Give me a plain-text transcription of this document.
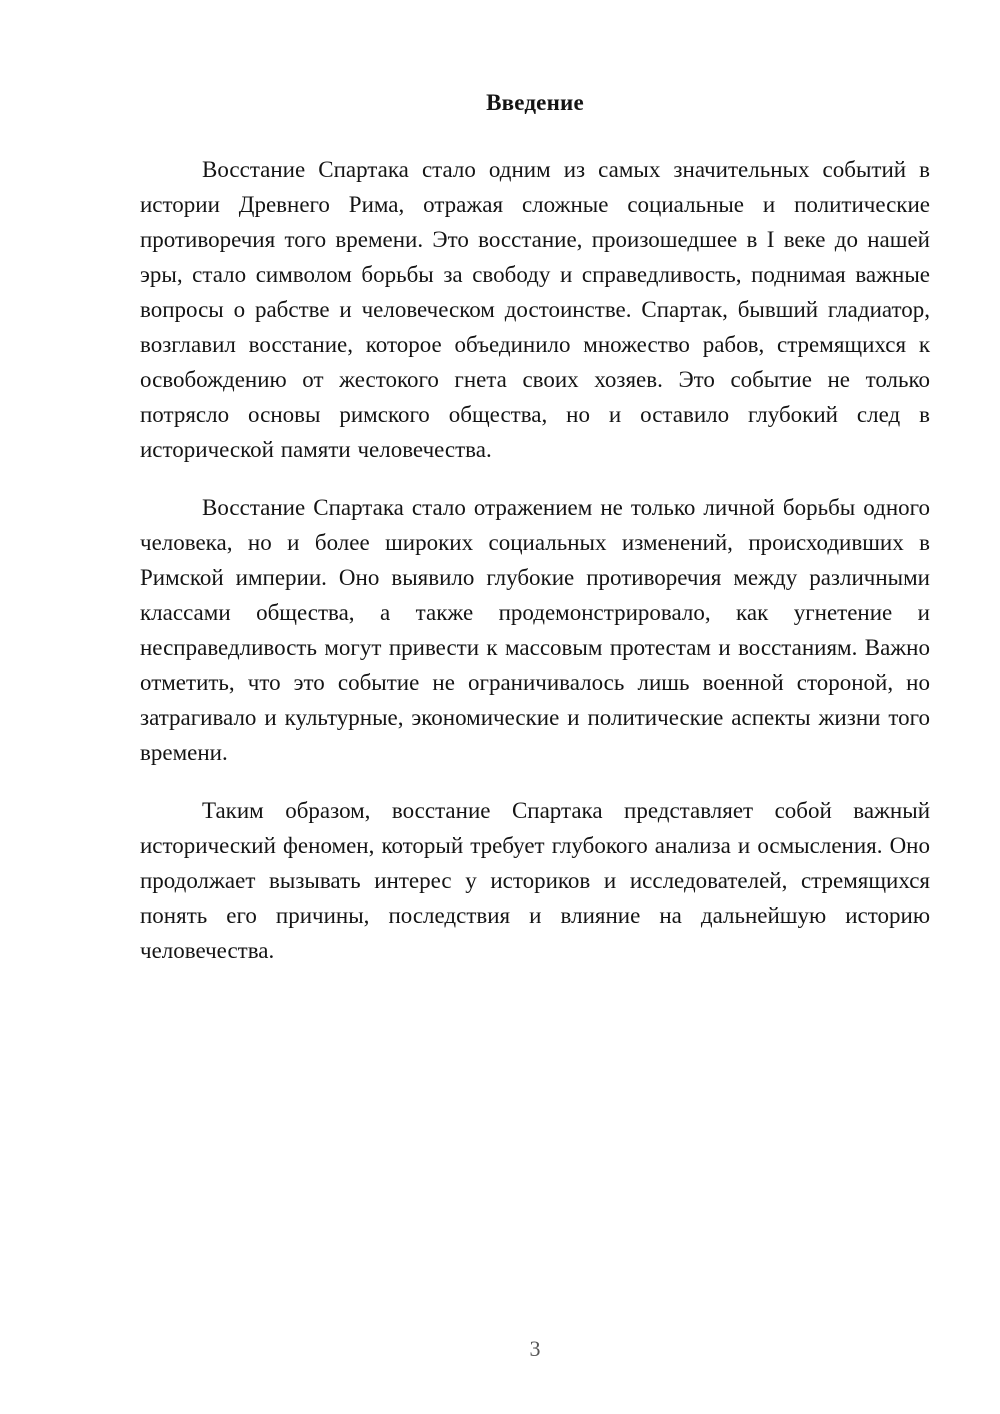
Введение

Восстание Спартака стало одним из самых значительных событий в истории Древнего Рима, отражая сложные социальные и политические противоречия того времени. Это восстание, произошедшее в I веке до нашей эры, стало символом борьбы за свободу и справедливость, поднимая важные вопросы о рабстве и человеческом достоинстве. Спартак, бывший гладиатор, возглавил восстание, которое объединило множество рабов, стремящихся к освобождению от жестокого гнета своих хозяев. Это событие не только потрясло основы римского общества, но и оставило глубокий след в исторической памяти человечества.

Восстание Спартака стало отражением не только личной борьбы одного человека, но и более широких социальных изменений, происходивших в Римской империи. Оно выявило глубокие противоречия между различными классами общества, а также продемонстрировало, как угнетение и несправедливость могут привести к массовым протестам и восстаниям. Важно отметить, что это событие не ограничивалось лишь военной стороной, но затрагивало и культурные, экономические и политические аспекты жизни того времени.

Таким образом, восстание Спартака представляет собой важный исторический феномен, который требует глубокого анализа и осмысления. Оно продолжает вызывать интерес у историков и исследователей, стремящихся понять его причины, последствия и влияние на дальнейшую историю человечества.

3
